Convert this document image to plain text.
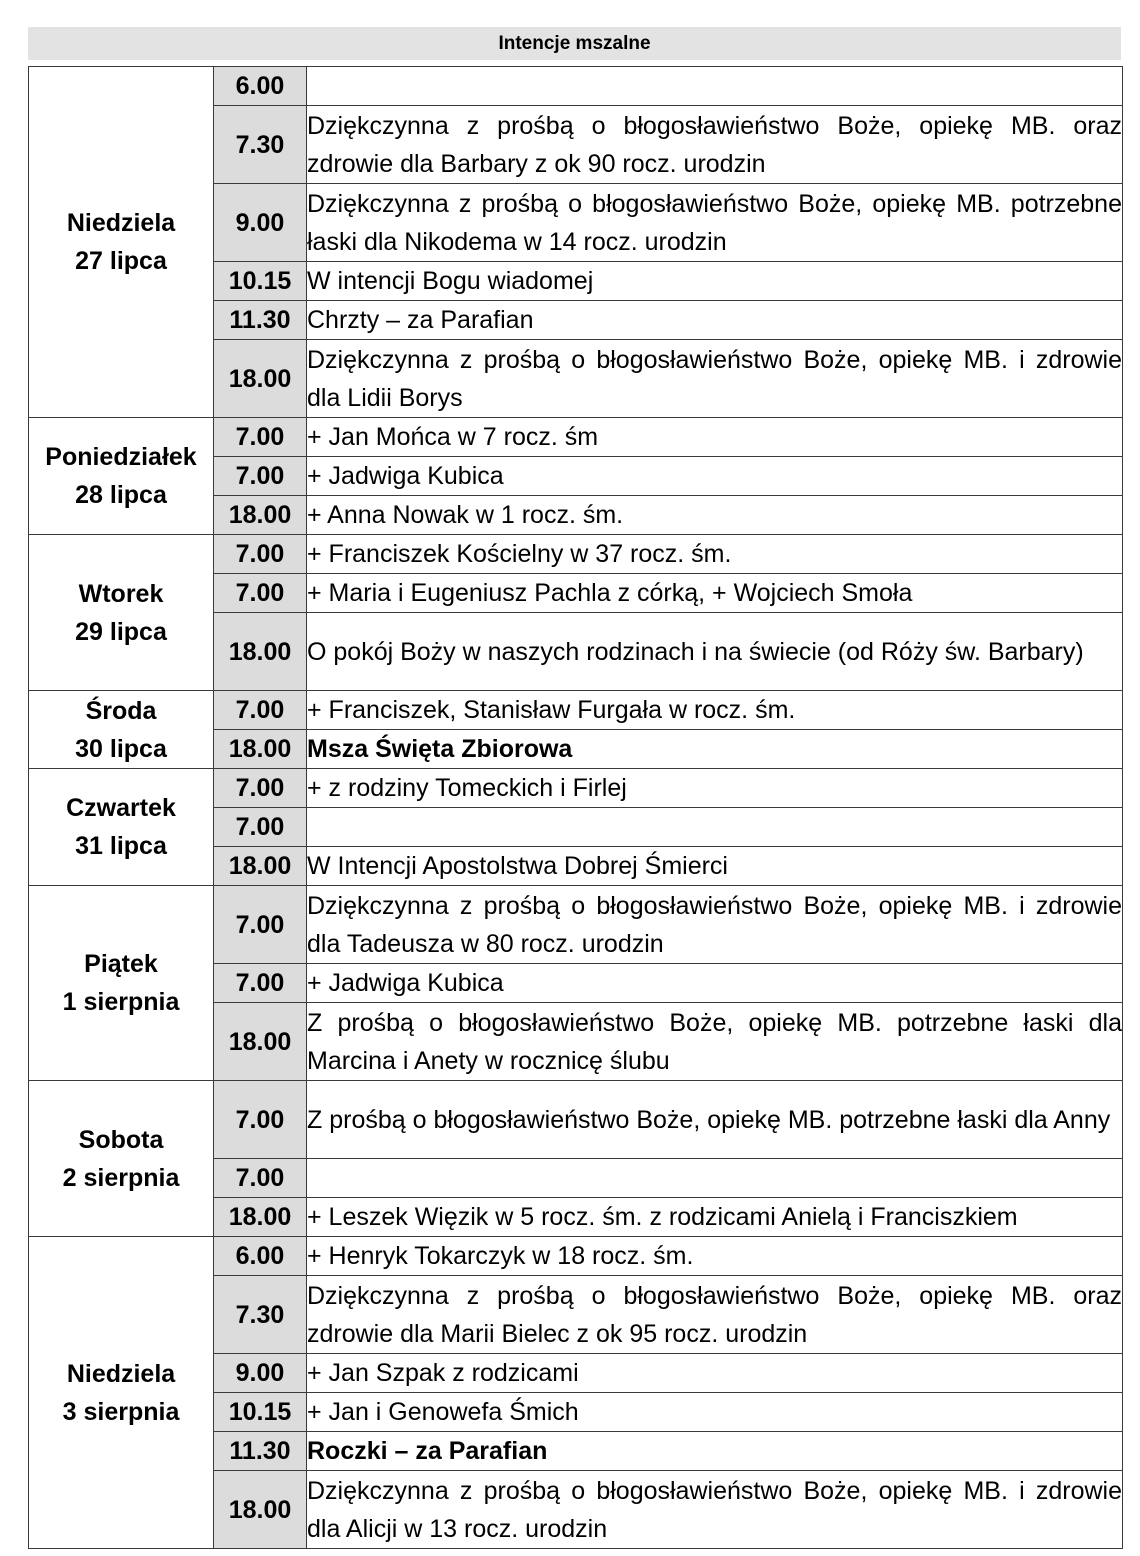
Intencje mszalne
Niedziela
27 lipca	6.00	
	7.30	Dziękczynna z prośbą o błogosławieństwo Boże, opiekę MB. oraz zdrowie dla Barbary z ok 90 rocz. urodzin
	9.00	Dziękczynna z prośbą o błogosławieństwo Boże, opiekę MB. potrzebne łaski dla Nikodema w 14 rocz. urodzin
	10.15	W intencji Bogu wiadomej
	11.30	Chrzty – za Parafian
	18.00	Dziękczynna z prośbą o błogosławieństwo Boże, opiekę MB. i zdrowie dla Lidii Borys

Poniedziałek
28 lipca	7.00	+ Jan Mońca w 7 rocz. śm
	7.00	+ Jadwiga Kubica
	18.00	+ Anna Nowak w 1 rocz. śm.

Wtorek
29 lipca	7.00	+ Franciszek Kościelny w 37 rocz. śm.
	7.00	+ Maria i Eugeniusz Pachla z córką, + Wojciech Smoła
	18.00	O pokój Boży w naszych rodzinach i na świecie (od Róży św. Barbary)

Środa
30 lipca	7.00	+ Franciszek, Stanisław Furgała w rocz. śm.
	18.00	Msza Święta Zbiorowa

Czwartek
31 lipca	7.00	+ z rodziny Tomeckich i Firlej
	7.00	
	18.00	W Intencji Apostolstwa Dobrej Śmierci

Piątek
1 sierpnia	7.00	Dziękczynna z prośbą o błogosławieństwo Boże, opiekę MB. i zdrowie dla Tadeusza w 80 rocz. urodzin
	7.00	+ Jadwiga Kubica
	18.00	Z prośbą o błogosławieństwo Boże, opiekę MB. potrzebne łaski dla Marcina i Anety w rocznicę ślubu

Sobota
2 sierpnia	7.00	Z prośbą o błogosławieństwo Boże, opiekę MB. potrzebne łaski dla Anny
	7.00	
	18.00	+ Leszek Więzik w 5 rocz. śm. z rodzicami Anielą i Franciszkiem

Niedziela
3 sierpnia	6.00	+ Henryk Tokarczyk w 18 rocz. śm.
	7.30	Dziękczynna z prośbą o błogosławieństwo Boże, opiekę MB. oraz zdrowie dla Marii Bielec z ok 95 rocz. urodzin
	9.00	+ Jan Szpak z rodzicami
	10.15	+ Jan i Genowefa Śmich
	11.30	Roczki – za Parafian
	18.00	Dziękczynna z prośbą o błogosławieństwo Boże, opiekę MB. i zdrowie dla Alicji w 13 rocz. urodzin
